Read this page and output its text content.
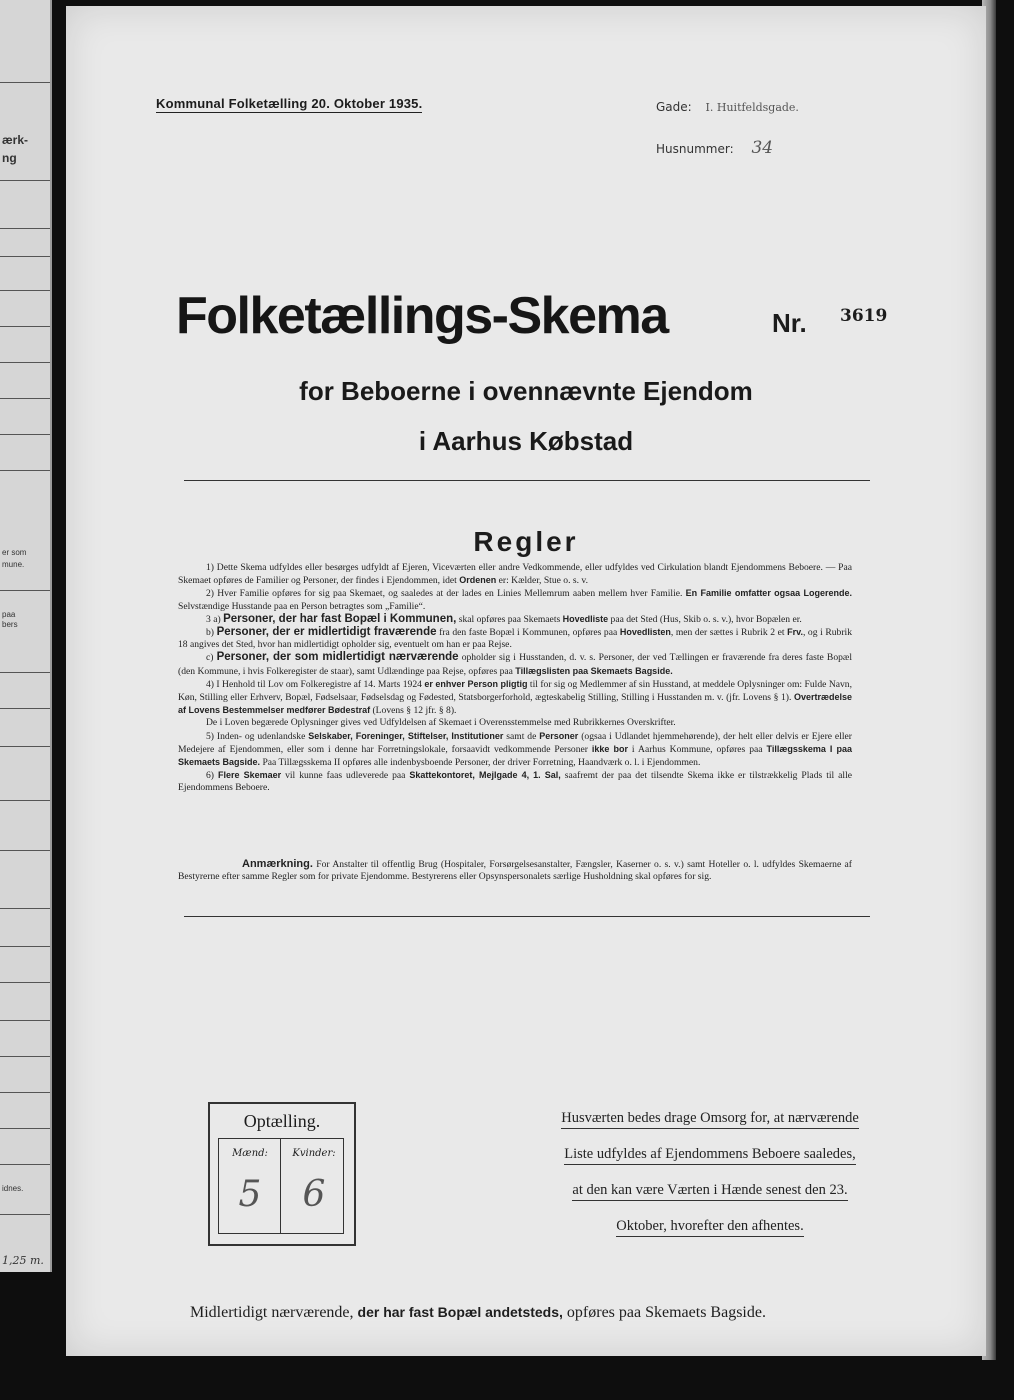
ærk-
ng
er som
mune.
paa
bers
idnes.
1,25 m.
Kommunal Folketælling 20. Oktober 1935.	Gade: I. Huitfeldsgade.
Husnummer: 34
Folketællings-Skema	Nr. 3619
for Beboerne i ovennævnte Ejendom
i Aarhus Købstad
Regler

1) Dette Skema udfyldes eller besørges udfyldt af Ejeren, Viceværten eller andre Vedkommende, eller udfyldes ved Cirkulation blandt Ejendommens Beboere. — Paa Skemaet opføres de Familier og Personer, der findes i Ejendommen, idet Ordenen er: Kælder, Stue o. s. v.

2) Hver Familie opføres for sig paa Skemaet, og saaledes at der lades en Linies Mellemrum aaben mellem hver Familie. En Familie omfatter ogsaa Logerende. Selvstændige Husstande paa en Person betragtes som „Familie“.

3 a) Personer, der har fast Bopæl i Kommunen, skal opføres paa Skemaets Hovedliste paa det Sted (Hus, Skib o. s. v.), hvor Bopælen er.

b) Personer, der er midlertidigt fraværende fra den faste Bopæl i Kommunen, opføres paa Hovedlisten, men der sættes i Rubrik 2 et Frv., og i Rubrik 18 angives det Sted, hvor han midlertidigt opholder sig, eventuelt om han er paa Rejse.

c) Personer, der som midlertidigt nærværende opholder sig i Husstanden, d. v. s. Personer, der ved Tællingen er fraværende fra deres faste Bopæl (den Kommune, i hvis Folkeregister de staar), samt Udlændinge paa Rejse, opføres paa Tillægslisten paa Skemaets Bagside.

4) I Henhold til Lov om Folkeregistre af 14. Marts 1924 er enhver Person pligtig til for sig og Medlemmer af sin Husstand, at meddele Oplysninger om: Fulde Navn, Køn, Stilling eller Erhverv, Bopæl, Fødselsaar, Fødselsdag og Fødested, Statsborgerforhold, ægteskabelig Stilling, Stilling i Husstanden m. v. (jfr. Lovens § 1). Overtrædelse af Lovens Bestemmelser medfører Bødestraf (Lovens § 12 jfr. § 8).

De i Loven begærede Oplysninger gives ved Udfyldelsen af Skemaet i Overensstemmelse med Rubrikkernes Overskrifter.

5) Inden- og udenlandske Selskaber, Foreninger, Stiftelser, Institutioner samt de Personer (ogsaa i Udlandet hjemmehørende), der helt eller delvis er Ejere eller Medejere af Ejendommen, eller som i denne har Forretningslokale, forsaavidt vedkommende Personer ikke bor i Aarhus Kommune, opføres paa Tillægsskema I paa Skemaets Bagside. Paa Tillægsskema II opføres alle indenbysboende Personer, der driver Forretning, Haandværk o. l. i Ejendommen.

6) Flere Skemaer vil kunne faas udleverede paa Skattekontoret, Mejlgade 4, 1. Sal, saafremt der paa det tilsendte Skema ikke er tilstrækkelig Plads til alle Ejendommens Beboere.

Anmærkning. For Anstalter til offentlig Brug (Hospitaler, Forsørgelsesanstalter, Fængsler, Kaserner o. s. v.) samt Hoteller o. l. udfyldes Skemaerne af Bestyrerne efter samme Regler som for private Ejendomme. Bestyrerens eller Opsynspersonalets særlige Husholdning skal opføres for sig.

Optælling.
Mænd:	Kvinder:
5	6
Husværten bedes drage Omsorg for, at nærværende
Liste udfyldes af Ejendommens Beboere saaledes,
at den kan være Værten i Hænde senest den 23.
Oktober, hvorefter den afhentes.
Midlertidigt nærværende, der har fast Bopæl andetsteds, opføres paa Skemaets Bagside.
